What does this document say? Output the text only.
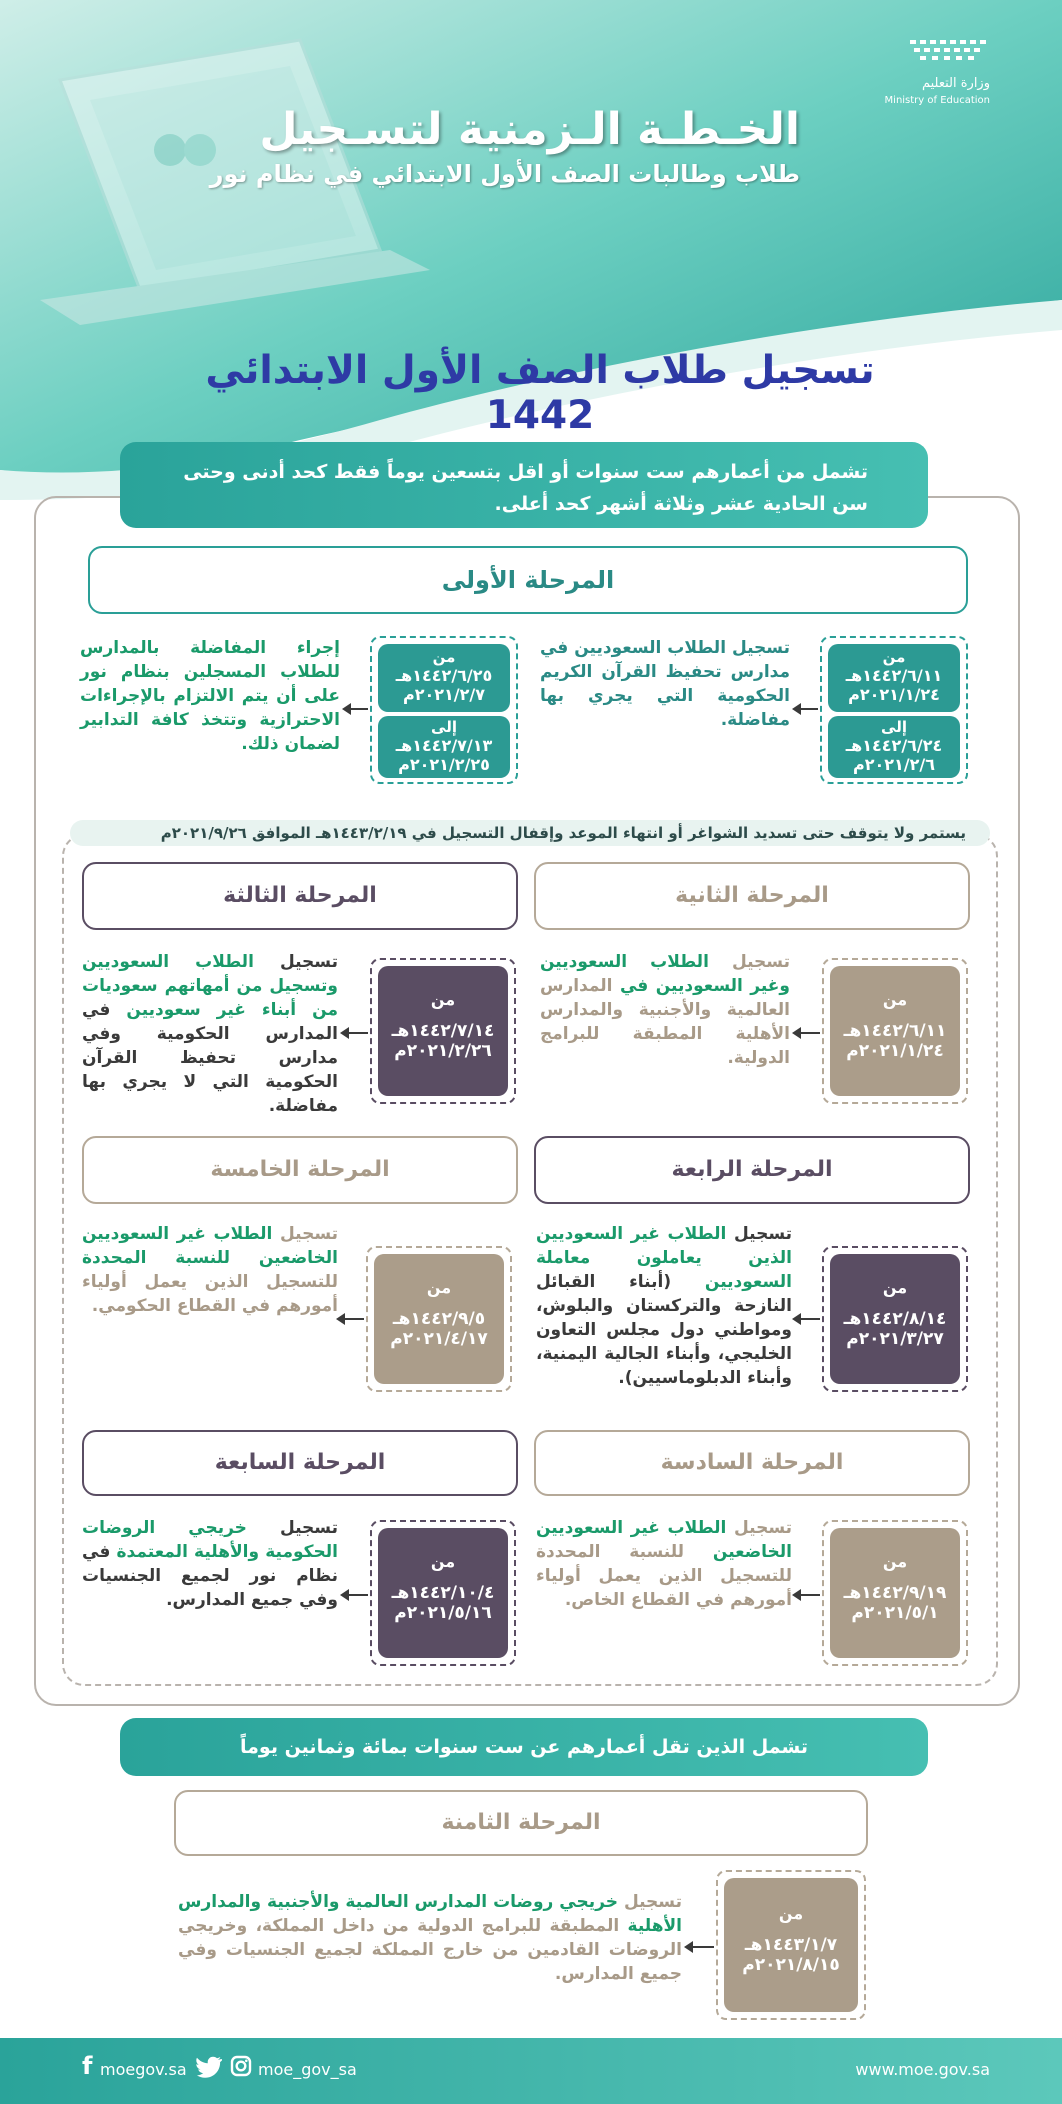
وزارة التعليم
Ministry of Education
الخـطـة الـزمنية لتسـجيل
طلاب وطالبات الصف الأول الابتدائي في نظام نور
تسجيل طلاب الصف الأول الابتدائي 1442
تشمل من أعمارهم ست سنوات أو اقل بتسعين يوماً فقط كحد أدنى وحتى
سن الحادية عشر وثلاثة أشهر كحد أعلى.
المرحلة الأولى
من
١٤٤٢/٦/١١هـ
٢٠٢١/١/٢٤م
إلى
١٤٤٢/٦/٢٤هـ
٢٠٢١/٢/٦م
تسجيل الطلاب السعوديين في مدارس تحفيظ القرآن الكريم الحكومية التي يجري بها مفاضلة.
من
١٤٤٢/٦/٢٥هـ
٢٠٢١/٢/٧م
إلى
١٤٤٢/٧/١٣هـ
٢٠٢١/٢/٢٥م
إجراء المفاضلة بالمدارس للطلاب المسجلين بنظام نور على أن يتم الالتزام بالإجراءات الاحترازية وتتخذ كافة التدابير لضمان ذلك.
يستمر ولا يتوقف حتى تسديد الشواغر أو انتهاء الموعد وإقفال التسجيل في ١٤٤٣/٢/١٩هـ الموافق ٢٠٢١/٩/٢٦م
المرحلة الثانية
المرحلة الثالثة
من
١٤٤٢/٦/١١هـ
٢٠٢١/١/٢٤م
تسجيل الطلاب السعوديين وغير السعوديين في المدارس العالمية والأجنبية والمدارس الأهلية المطبقة للبرامج الدولية.
من
١٤٤٢/٧/١٤هـ
٢٠٢١/٢/٢٦م
تسجيل الطلاب السعوديين وتسجيل من أمهاتهم سعوديات من أبناء غير سعوديين في المدارس الحكومية وفي مدارس تحفيظ القرآن الحكومية التي لا يجري بها مفاضلة.
المرحلة الرابعة
المرحلة الخامسة
من
١٤٤٢/٨/١٤هـ
٢٠٢١/٣/٢٧م
تسجيل الطلاب غير السعوديين الذين يعاملون معاملة السعوديين (أبناء القبائل النازحة والتركستان والبلوش، ومواطني دول مجلس التعاون الخليجي، وأبناء الجالية اليمنية، وأبناء الدبلوماسيين).
من
١٤٤٢/٩/٥هـ
٢٠٢١/٤/١٧م
تسجيل الطلاب غير السعوديين الخاضعين للنسبة المحددة للتسجيل الذين يعمل أولياء أمورهم في القطاع الحكومي.
المرحلة السادسة
المرحلة السابعة
من
١٤٤٢/٩/١٩هـ
٢٠٢١/٥/١م
تسجيل الطلاب غير السعوديين الخاضعين للنسبة المحددة للتسجيل الذين يعمل أولياء أمورهم في القطاع الخاص.
من
١٤٤٢/١٠/٤هـ
٢٠٢١/٥/١٦م
تسجيل خريجي الروضات الحكومية والأهلية المعتمدة في نظام نور لجميع الجنسيات وفي جميع المدارس.
تشمل الذين تقل أعمارهم عن ست سنوات بمائة وثمانين يوماً
المرحلة الثامنة
من
١٤٤٣/١/٧هـ
٢٠٢١/٨/١٥م
تسجيل خريجي روضات المدارس العالمية والأجنبية والمدارس الأهلية المطبقة للبرامج الدولية من داخل المملكة، وخريجي الروضات القادمين من خارج المملكة لجميع الجنسيات وفي جميع المدارس.
f moegov.sa	moe_gov_sa	www.moe.gov.sa
